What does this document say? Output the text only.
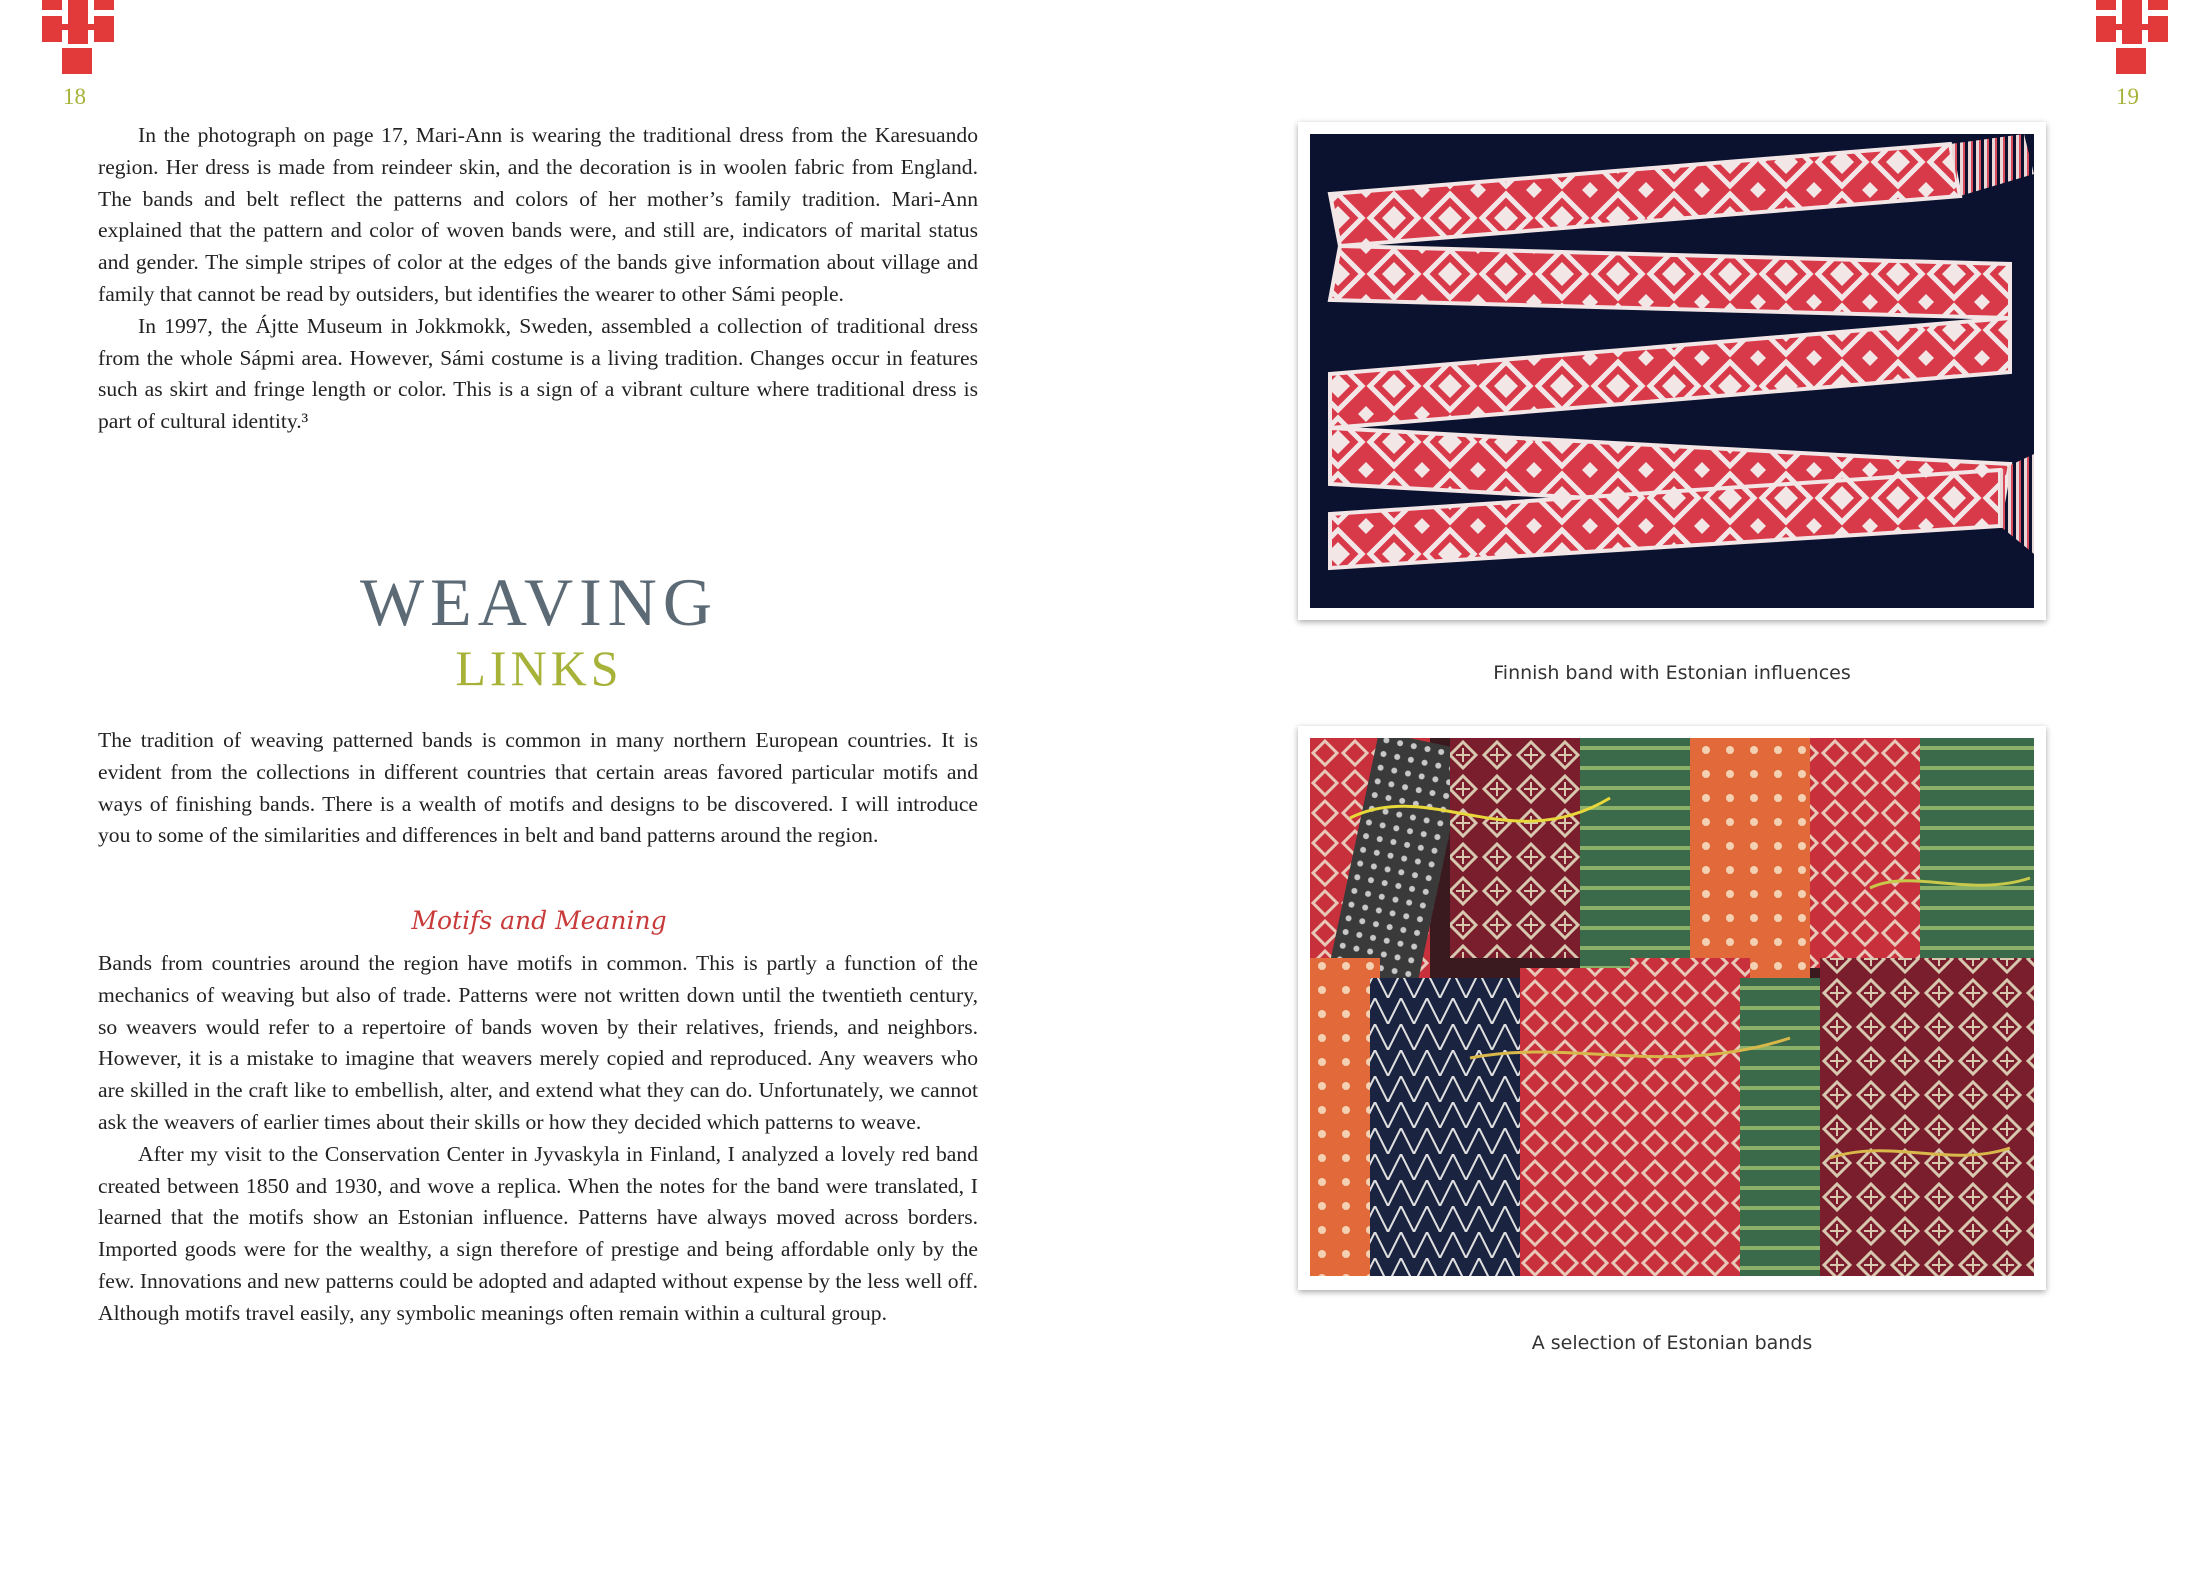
18

In the photograph on page 17, Mari-Ann is wearing the traditional dress from the Karesuando region. Her dress is made from reindeer skin, and the decoration is in woolen fabric from England. The bands and belt reflect the patterns and colors of her mother’s family tradition. Mari-Ann explained that the pattern and color of woven bands were, and still are, indicators of marital status and gender. The simple stripes of color at the edges of the bands give information about village and family that cannot be read by outsiders, but identifies the wearer to other Sámi people.

In 1997, the Ájtte Museum in Jokkmokk, Sweden, assembled a collection of traditional dress from the whole Sápmi area. However, Sámi costume is a living tradition. Changes occur in features such as skirt and fringe length or color. This is a sign of a vibrant culture where traditional dress is part of cultural identity.³

WEAVING
LINKS

The tradition of weaving patterned bands is common in many northern European countries. It is evident from the collections in different countries that certain areas favored particular motifs and ways of finishing bands. There is a wealth of motifs and designs to be discovered. I will introduce you to some of the similarities and differences in belt and band patterns around the region.

Motifs and Meaning

Bands from countries around the region have motifs in common. This is partly a function of the mechanics of weaving but also of trade. Patterns were not written down until the twentieth century, so weavers would refer to a repertoire of bands woven by their relatives, friends, and neighbors. However, it is a mistake to imagine that weavers merely copied and reproduced. Any weavers who are skilled in the craft like to embellish, alter, and extend what they can do. Unfortunately, we cannot ask the weavers of earlier times about their skills or how they decided which patterns to weave.

After my visit to the Conservation Center in Jyvaskyla in Finland, I analyzed a lovely red band created between 1850 and 1930, and wove a replica. When the notes for the band were translated, I learned that the motifs show an Estonian influence. Patterns have always moved across borders. Imported goods were for the wealthy, a sign therefore of prestige and being affordable only by the few. Innovations and new patterns could be adopted and adapted without expense by the less well off. Although motifs travel easily, any symbolic meanings often remain within a cultural group.

19
Finnish band with Estonian influences
A selection of Estonian bands
